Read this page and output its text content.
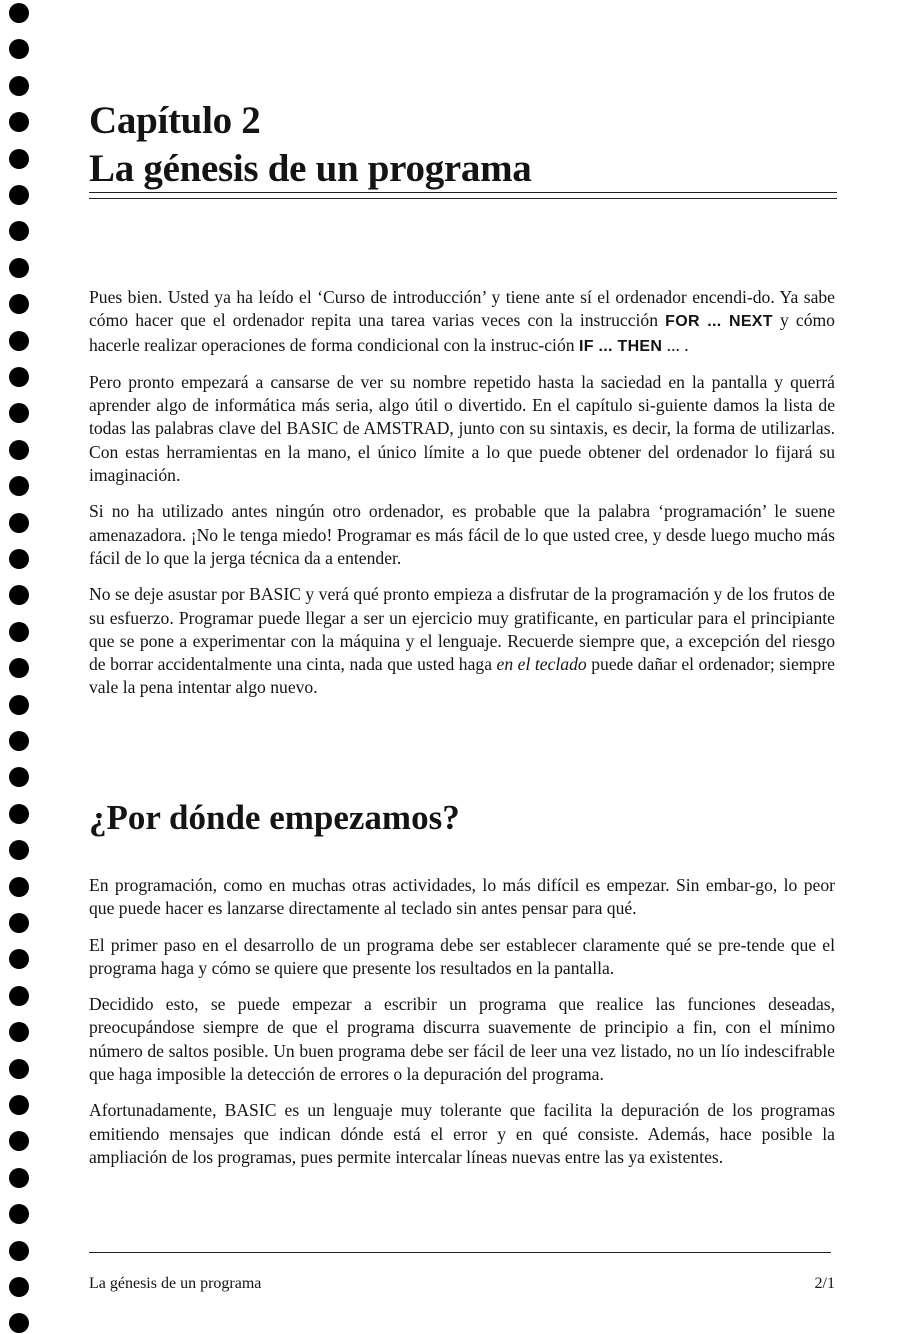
Capítulo 2
La génesis de un programa

Pues bien. Usted ya ha leído el ‘Curso de introducción’ y tiene ante sí el ordenador encendi-do. Ya sabe cómo hacer que el ordenador repita una tarea varias veces con la instrucción FOR ... NEXT y cómo hacerle realizar operaciones de forma condicional con la instruc-ción IF ... THEN ... .

Pero pronto empezará a cansarse de ver su nombre repetido hasta la saciedad en la pantalla y querrá aprender algo de informática más seria, algo útil o divertido. En el capítulo si-guiente damos la lista de todas las palabras clave del BASIC de AMSTRAD, junto con su sintaxis, es decir, la forma de utilizarlas. Con estas herramientas en la mano, el único límite a lo que puede obtener del ordenador lo fijará su imaginación.

Si no ha utilizado antes ningún otro ordenador, es probable que la palabra ‘programación’ le suene amenazadora. ¡No le tenga miedo! Programar es más fácil de lo que usted cree, y desde luego mucho más fácil de lo que la jerga técnica da a entender.

No se deje asustar por BASIC y verá qué pronto empieza a disfrutar de la programación y de los frutos de su esfuerzo. Programar puede llegar a ser un ejercicio muy gratificante, en particular para el principiante que se pone a experimentar con la máquina y el lenguaje. Recuerde siempre que, a excepción del riesgo de borrar accidentalmente una cinta, nada que usted haga en el teclado puede dañar el ordenador; siempre vale la pena intentar algo nuevo.

¿Por dónde empezamos?

En programación, como en muchas otras actividades, lo más difícil es empezar. Sin embar-go, lo peor que puede hacer es lanzarse directamente al teclado sin antes pensar para qué.

El primer paso en el desarrollo de un programa debe ser establecer claramente qué se pre-tende que el programa haga y cómo se quiere que presente los resultados en la pantalla.

Decidido esto, se puede empezar a escribir un programa que realice las funciones deseadas, preocupándose siempre de que el programa discurra suavemente de principio a fin, con el mínimo número de saltos posible. Un buen programa debe ser fácil de leer una vez listado, no un lío indescifrable que haga imposible la detección de errores o la depuración del programa.

Afortunadamente, BASIC es un lenguaje muy tolerante que facilita la depuración de los programas emitiendo mensajes que indican dónde está el error y en qué consiste. Además, hace posible la ampliación de los programas, pues permite intercalar líneas nuevas entre las ya existentes.

La génesis de un programa	2/1
